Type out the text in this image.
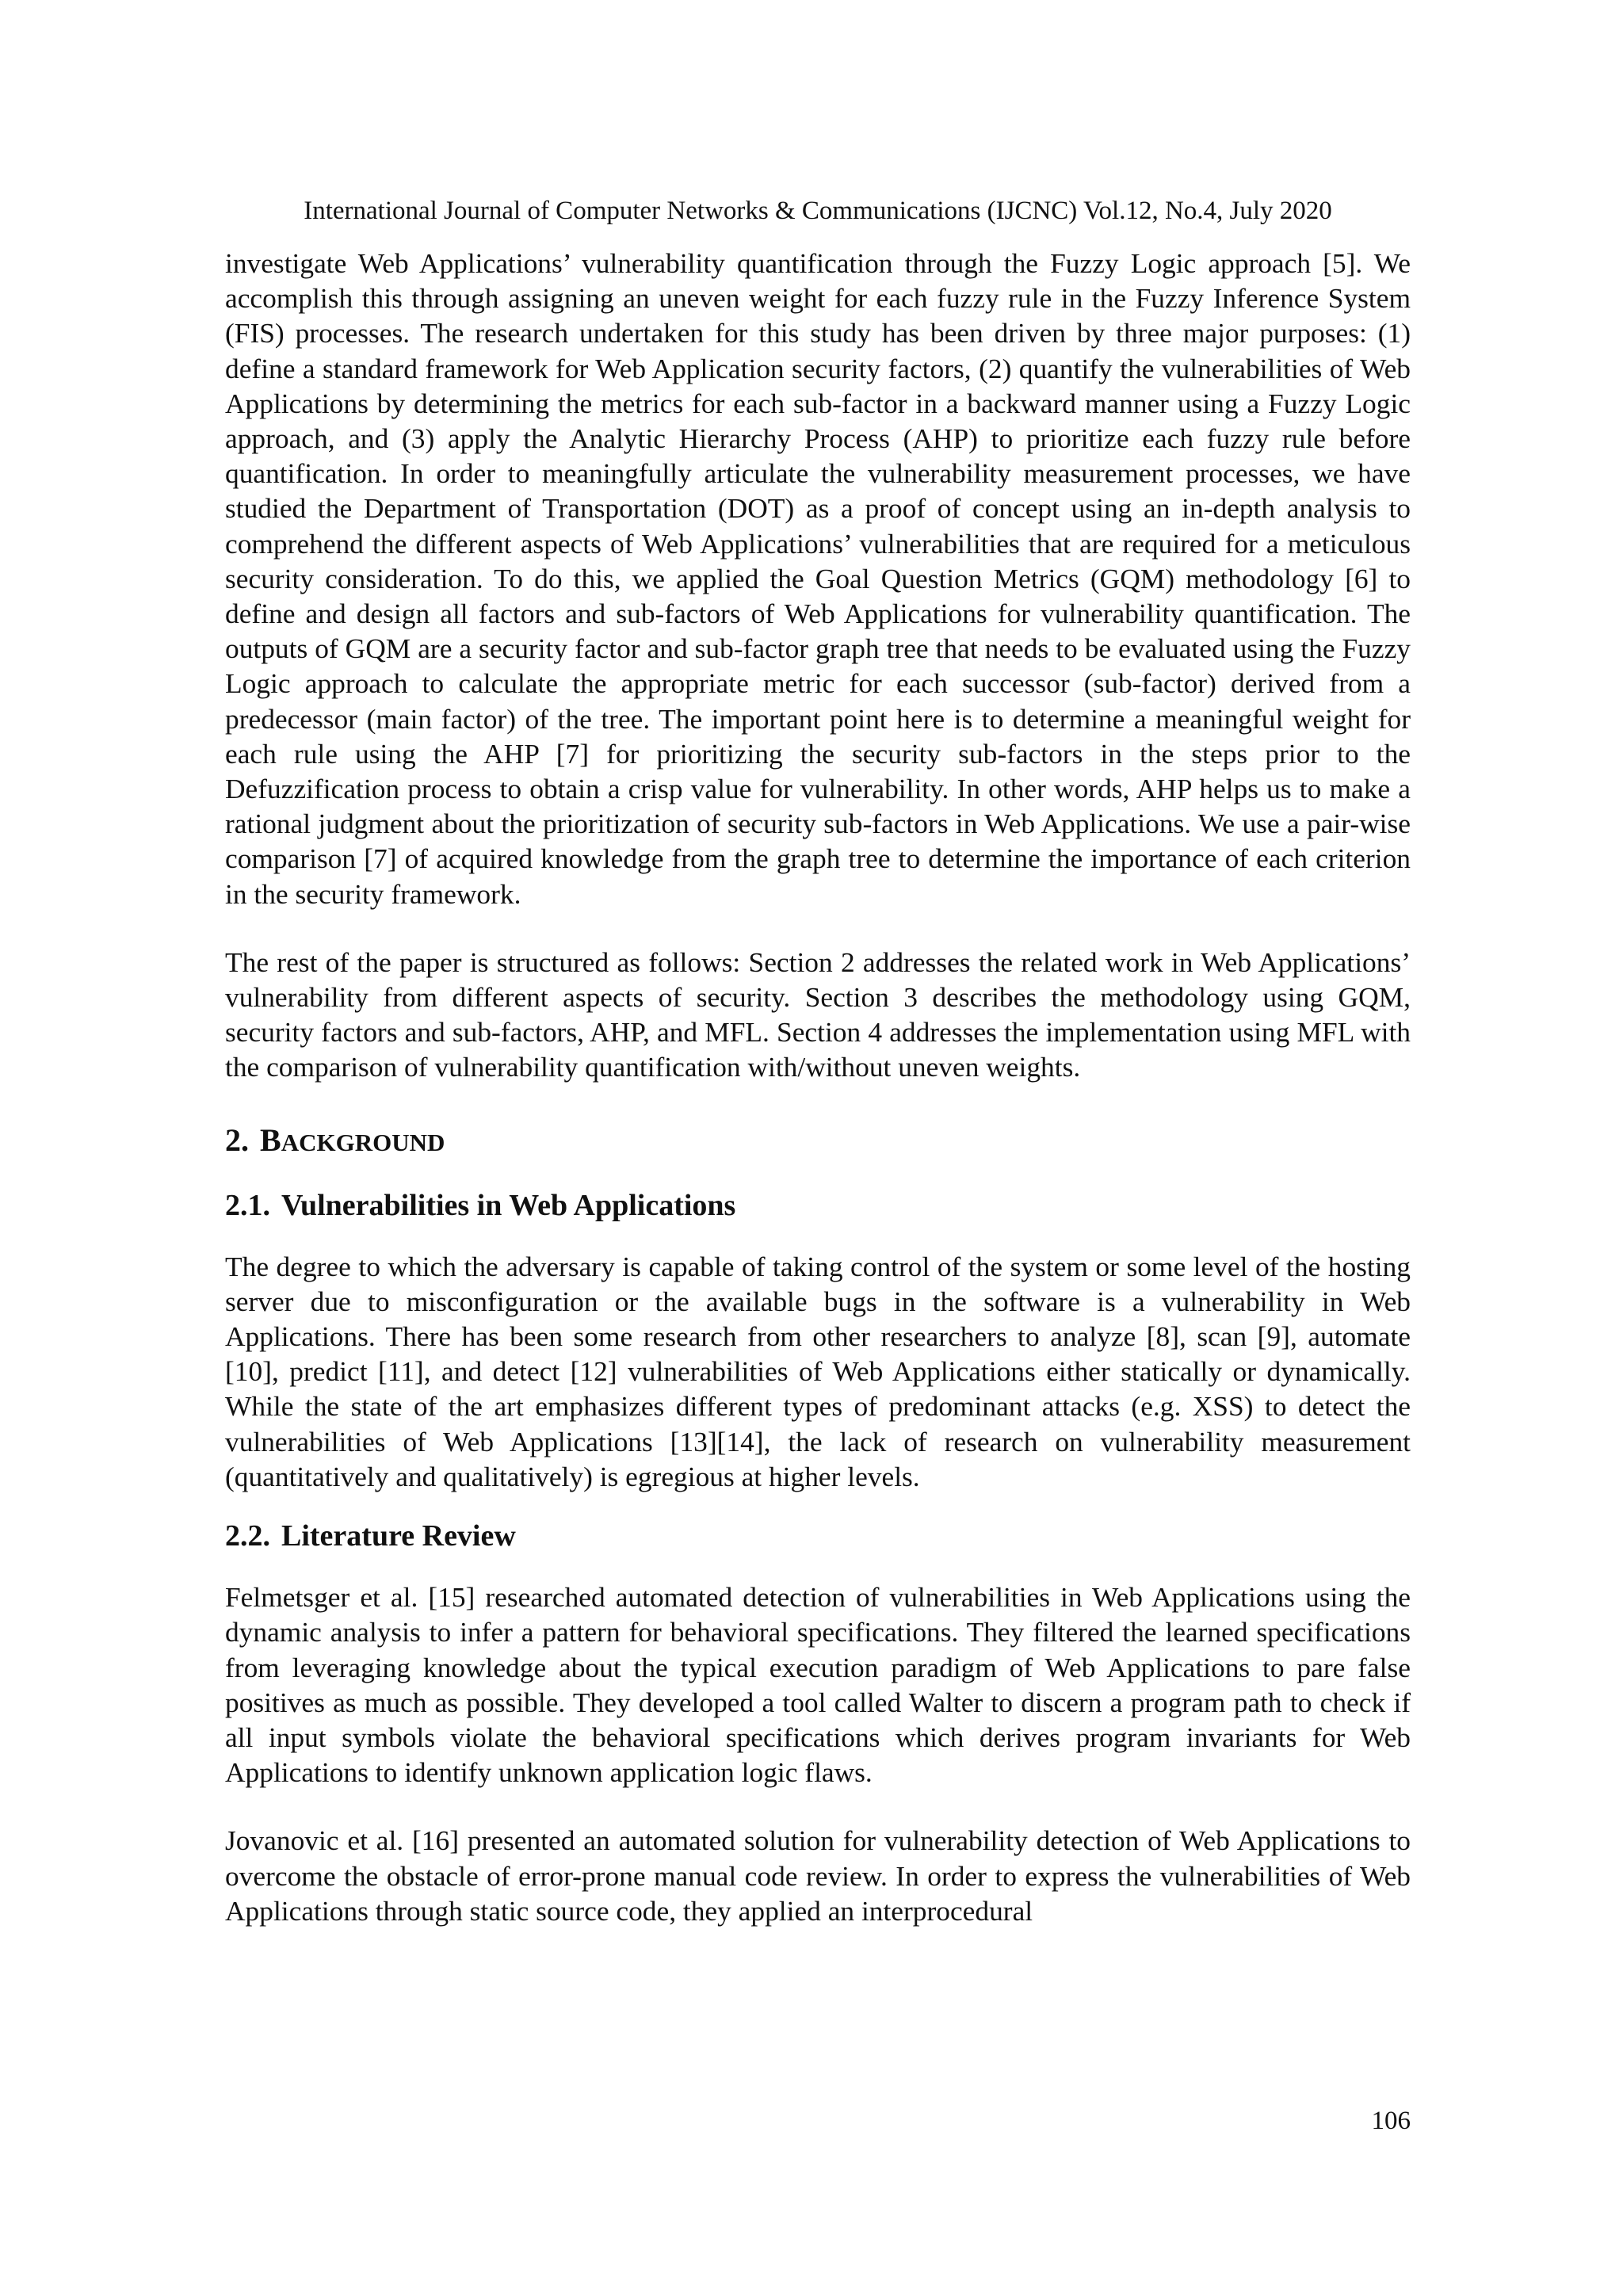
International Journal of Computer Networks & Communications (IJCNC) Vol.12, No.4, July 2020

investigate Web Applications’ vulnerability quantification through the Fuzzy Logic approach [5]. We accomplish this through assigning an uneven weight for each fuzzy rule in the Fuzzy Inference System (FIS) processes. The research undertaken for this study has been driven by three major purposes: (1) define a standard framework for Web Application security factors, (2) quantify the vulnerabilities of Web Applications by determining the metrics for each sub-factor in a backward manner using a Fuzzy Logic approach, and (3) apply the Analytic Hierarchy Process (AHP) to prioritize each fuzzy rule before quantification. In order to meaningfully articulate the vulnerability measurement processes, we have studied the Department of Transportation (DOT) as a proof of concept using an in-depth analysis to comprehend the different aspects of Web Applications’ vulnerabilities that are required for a meticulous security consideration. To do this, we applied the Goal Question Metrics (GQM) methodology [6] to define and design all factors and sub-factors of Web Applications for vulnerability quantification. The outputs of GQM are a security factor and sub-factor graph tree that needs to be evaluated using the Fuzzy Logic approach to calculate the appropriate metric for each successor (sub-factor) derived from a predecessor (main factor) of the tree. The important point here is to determine a meaningful weight for each rule using the AHP [7] for prioritizing the security sub-factors in the steps prior to the Defuzzification process to obtain a crisp value for vulnerability. In other words, AHP helps us to make a rational judgment about the prioritization of security sub-factors in Web Applications. We use a pair-wise comparison [7] of acquired knowledge from the graph tree to determine the importance of each criterion in the security framework.

The rest of the paper is structured as follows: Section 2 addresses the related work in Web Applications’ vulnerability from different aspects of security. Section 3 describes the methodology using GQM, security factors and sub-factors, AHP, and MFL. Section 4 addresses the implementation using MFL with the comparison of vulnerability quantification with/without uneven weights.

2. BACKGROUND
2.1. Vulnerabilities in Web Applications

The degree to which the adversary is capable of taking control of the system or some level of the hosting server due to misconfiguration or the available bugs in the software is a vulnerability in Web Applications. There has been some research from other researchers to analyze [8], scan [9], automate [10], predict [11], and detect [12] vulnerabilities of Web Applications either statically or dynamically. While the state of the art emphasizes different types of predominant attacks (e.g. XSS) to detect the vulnerabilities of Web Applications [13][14], the lack of research on vulnerability measurement (quantitatively and qualitatively) is egregious at higher levels.

2.2. Literature Review

Felmetsger et al. [15] researched automated detection of vulnerabilities in Web Applications using the dynamic analysis to infer a pattern for behavioral specifications. They filtered the learned specifications from leveraging knowledge about the typical execution paradigm of Web Applications to pare false positives as much as possible. They developed a tool called Walter to discern a program path to check if all input symbols violate the behavioral specifications which derives program invariants for Web Applications to identify unknown application logic flaws.

Jovanovic et al. [16] presented an automated solution for vulnerability detection of Web Applications to overcome the obstacle of error-prone manual code review. In order to express the vulnerabilities of Web Applications through static source code, they applied an interprocedural

106
